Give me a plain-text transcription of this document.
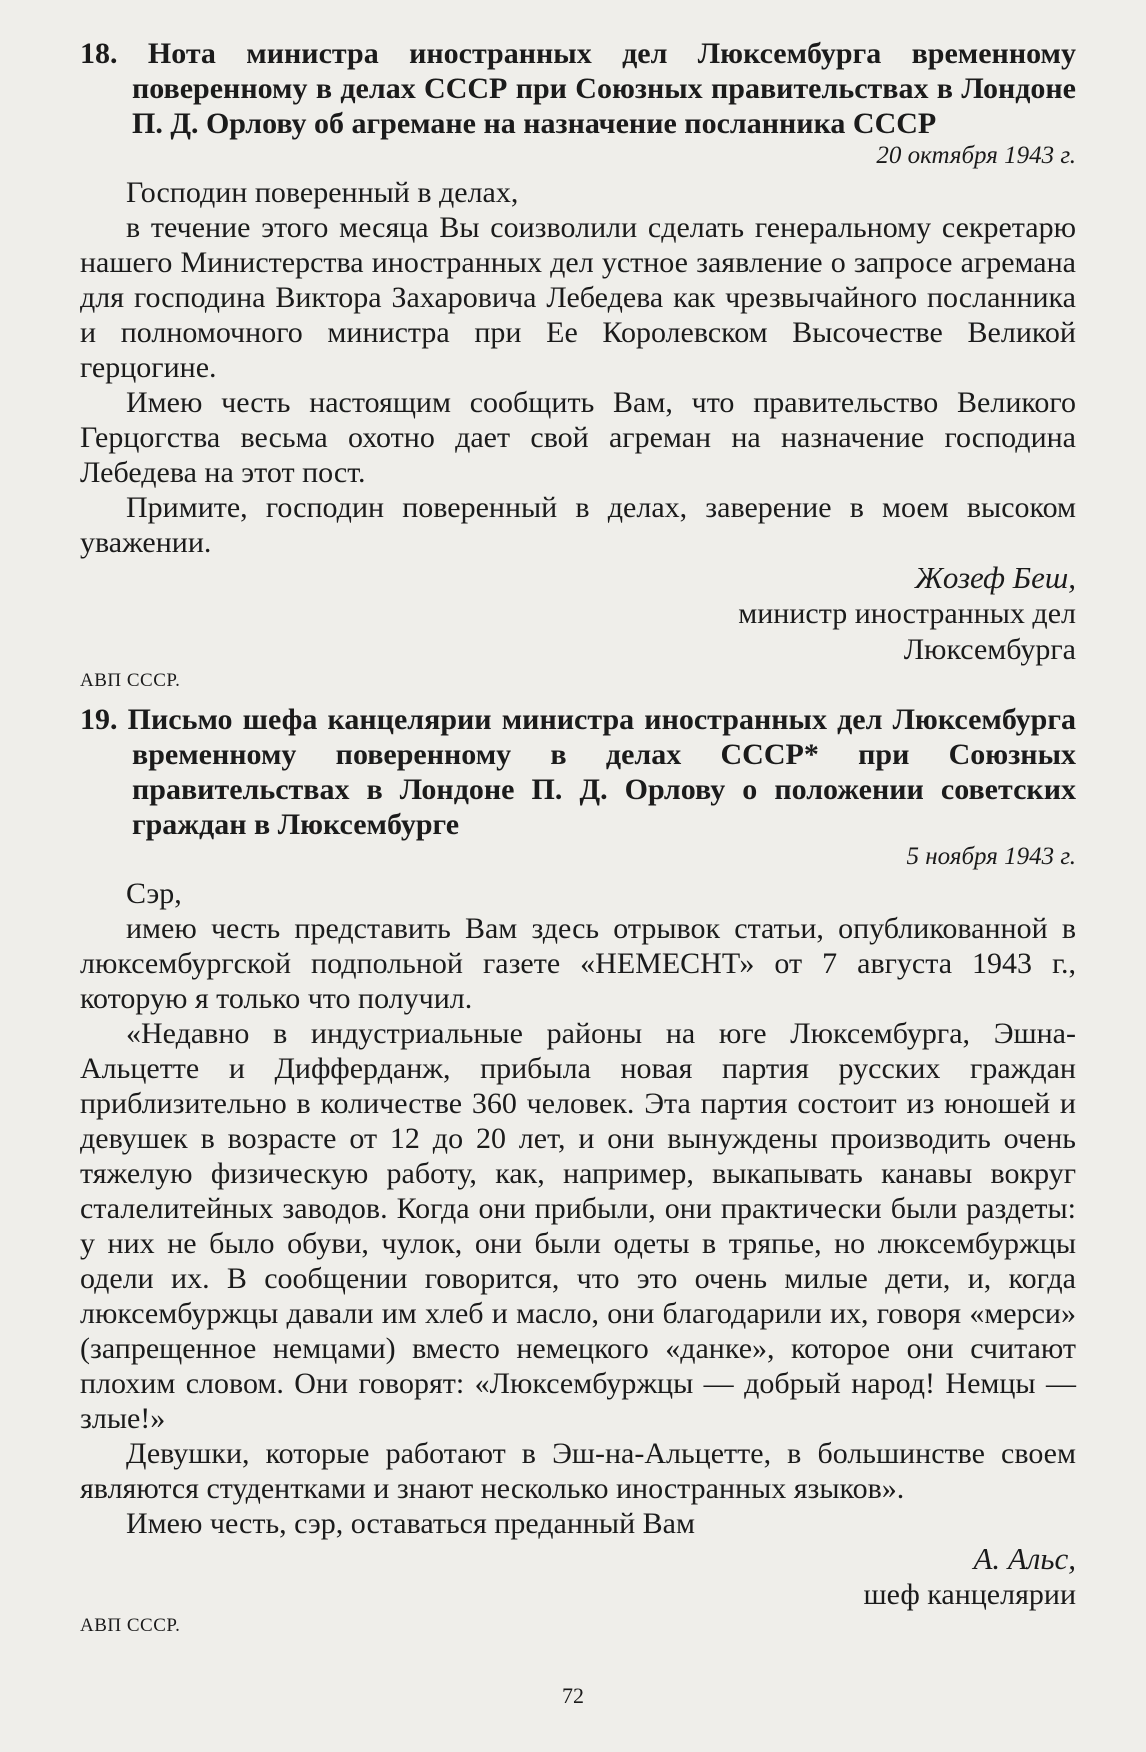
18. Нота министра иностранных дел Люксембурга временному поверенному в делах СССР при Союзных правительствах в Лондоне П. Д. Орлову об агремане на назначение посланника СССР

20 октября 1943 г.

Господин поверенный в делах,

в течение этого месяца Вы соизволили сделать генеральному секретарю нашего Министерства иностранных дел устное заявление о запросе агремана для господина Виктора Захаровича Лебедева как чрезвычайного посланника и полномочного министра при Ее Королевском Высочестве Великой герцогине.

Имею честь настоящим сообщить Вам, что правительство Великого Герцогства весьма охотно дает свой агреман на назначение господина Лебедева на этот пост.

Примите, господин поверенный в делах, заверение в моем высоком уважении.

Жозеф Беш,
министр иностранных дел
Люксембурга

АВП СССР.

19. Письмо шефа канцелярии министра иностранных дел Люксембурга временному поверенному в делах СССР* при Союзных правительствах в Лондоне П. Д. Орлову о положении советских граждан в Люксембурге

5 ноября 1943 г.

Сэр,

имею честь представить Вам здесь отрывок статьи, опубликованной в люксембургской подпольной газете «НЕМЕСНТ» от 7 августа 1943 г., которую я только что получил.

«Недавно в индустриальные районы на юге Люксембурга, Эшна-Альцетте и Дифферданж, прибыла новая партия русских граждан приблизительно в количестве 360 человек. Эта партия состоит из юношей и девушек в возрасте от 12 до 20 лет, и они вынуждены производить очень тяжелую физическую работу, как, например, выкапывать канавы вокруг сталелитейных заводов. Когда они прибыли, они практически были раздеты: у них не было обуви, чулок, они были одеты в тряпье, но люксембуржцы одели их. В сообщении говорится, что это очень милые дети, и, когда люксембуржцы давали им хлеб и масло, они благодарили их, говоря «мерси» (запрещенное немцами) вместо немецкого «данке», которое они считают плохим словом. Они говорят: «Люксембуржцы — добрый народ! Немцы — злые!»

Девушки, которые работают в Эш-на-Альцетте, в большинстве своем являются студентками и знают несколько иностранных языков».

Имею честь, сэр, оставаться преданный Вам

А. Альс,
шеф канцелярии

АВП СССР.

72
